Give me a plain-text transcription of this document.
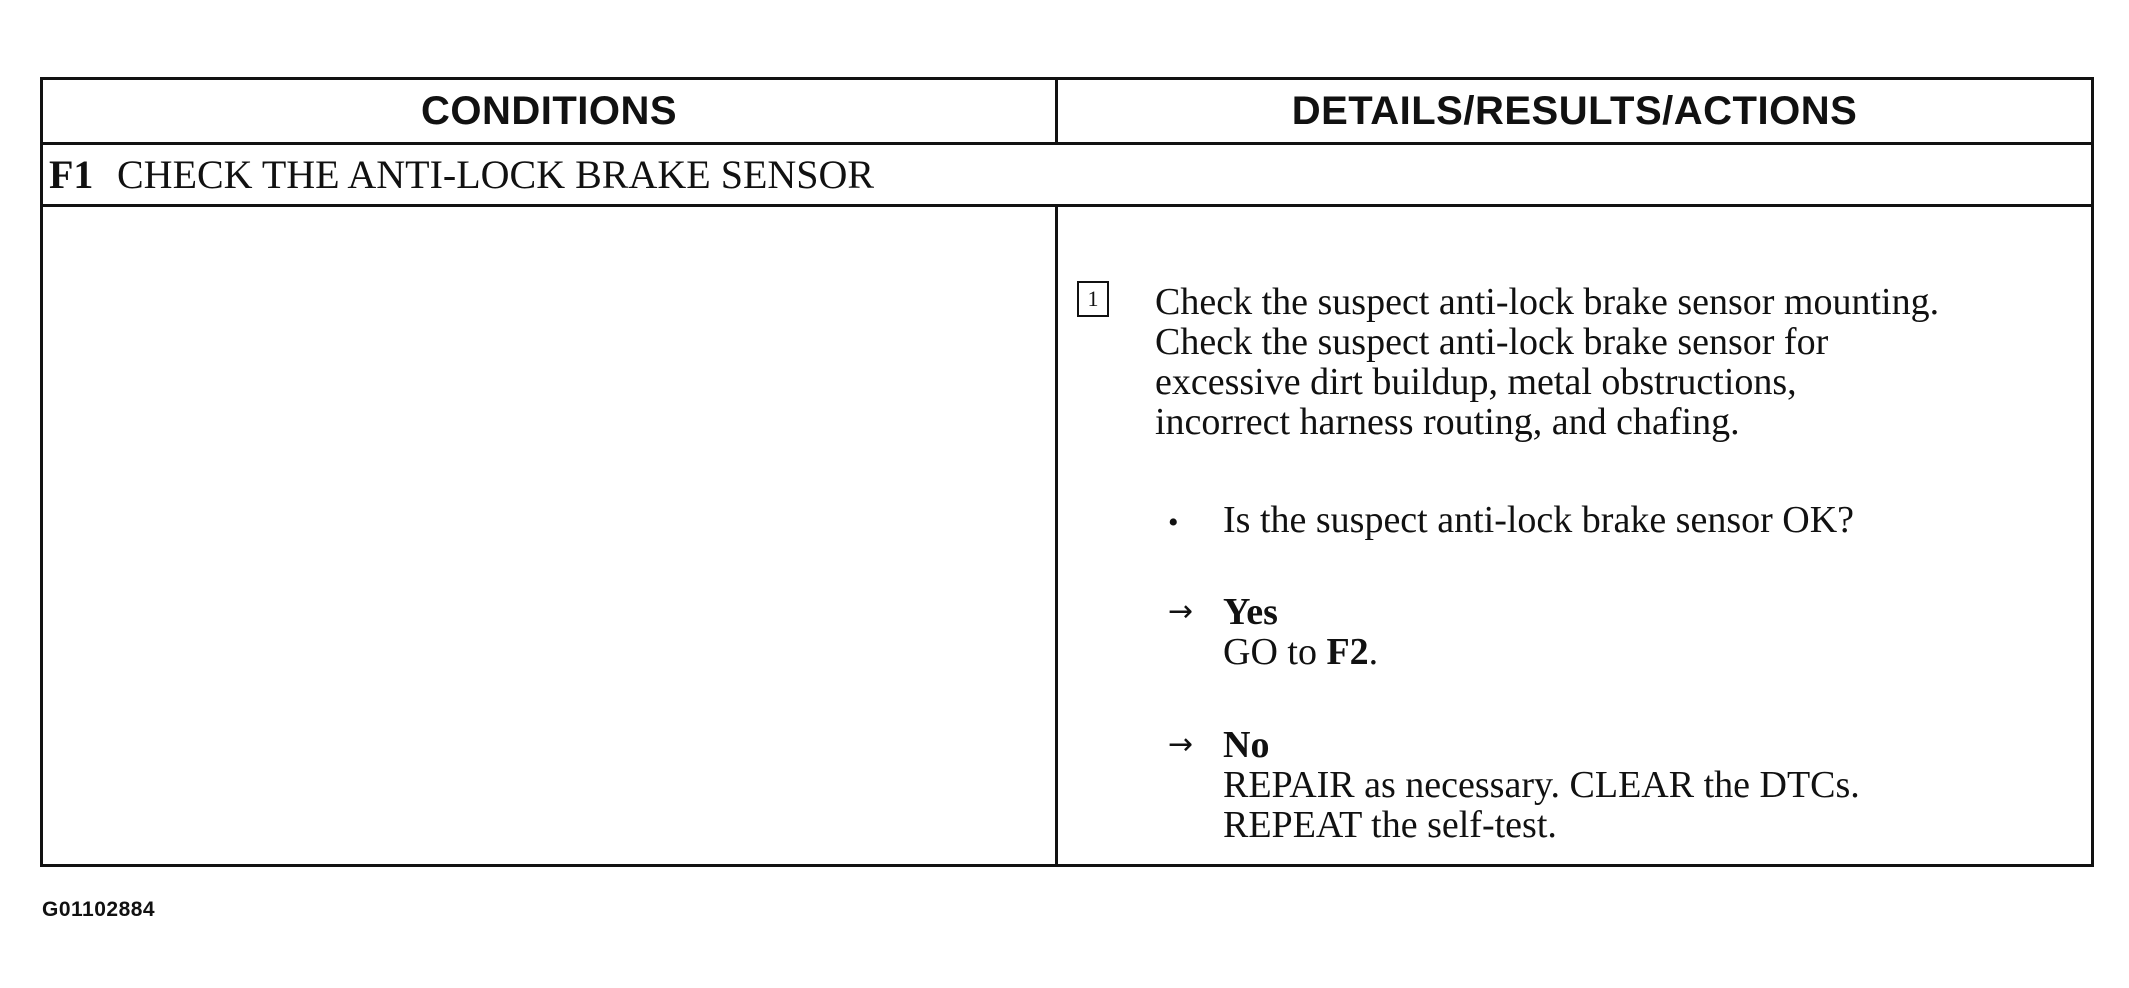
CONDITIONS	DETAILS/RESULTS/ACTIONS
F1 CHECK THE ANTI-LOCK BRAKE SENSOR
1 Check the suspect anti-lock brake sensor mounting.
Check the suspect anti-lock brake sensor for
excessive dirt buildup, metal obstructions,
incorrect harness routing, and chafing.
• Is the suspect anti-lock brake sensor OK?
→ Yes
GO to F2.
→ No
REPAIR as necessary. CLEAR the DTCs.
REPEAT the self-test.
G01102884
